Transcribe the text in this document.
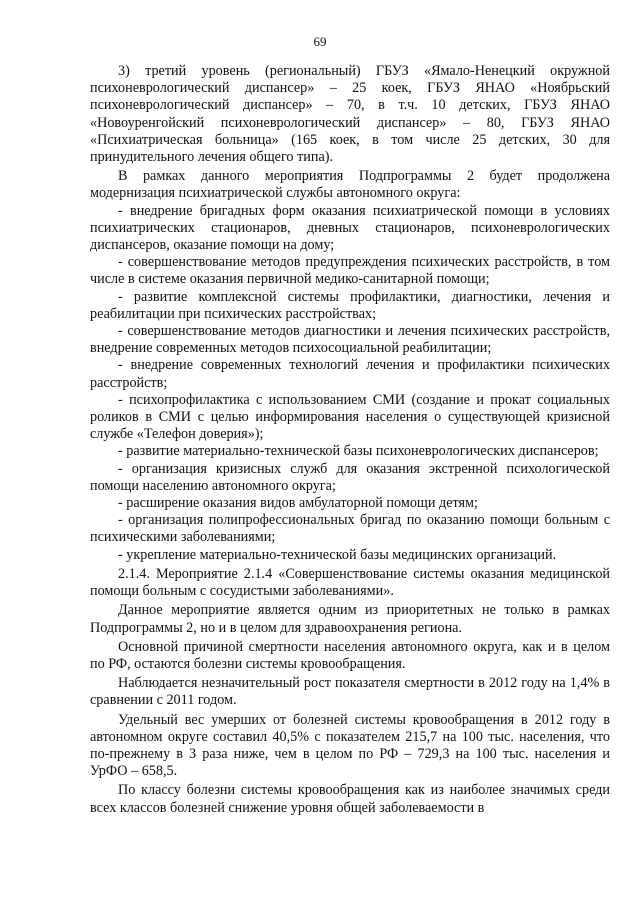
69

3) третий уровень (региональный) ГБУЗ «Ямало-Ненецкий окружной психоневрологический диспансер» – 25 коек, ГБУЗ ЯНАО «Ноябрьский психоневрологический диспансер» – 70, в т.ч. 10 детских, ГБУЗ ЯНАО «Новоуренгойский психоневрологический диспансер» – 80, ГБУЗ ЯНАО «Психиатрическая больница» (165 коек, в том числе 25 детских, 30 для принудительного лечения общего типа).

В рамках данного мероприятия Подпрограммы 2 будет продолжена модернизация психиатрической службы автономного округа:

- внедрение бригадных форм оказания психиатрической помощи в условиях психиатрических стационаров, дневных стационаров, психоневрологических диспансеров, оказание помощи на дому;

- совершенствование методов предупреждения психических расстройств, в том числе в системе оказания первичной медико-санитарной помощи;

- развитие комплексной системы профилактики, диагностики, лечения и реабилитации при психических расстройствах;

- совершенствование методов диагностики и лечения психических расстройств, внедрение современных методов психосоциальной реабилитации;

- внедрение современных технологий лечения и профилактики психических расстройств;

- психопрофилактика с использованием СМИ (создание и прокат социальных роликов в СМИ с целью информирования населения о существующей кризисной службе «Телефон доверия»);

- развитие материально-технической базы психоневрологических диспансеров;

- организация кризисных служб для оказания экстренной психологической помощи населению автономного округа;

- расширение оказания видов амбулаторной помощи детям;

- организация полипрофессиональных бригад по оказанию помощи больным с психическими заболеваниями;

- укрепление материально-технической базы медицинских организаций.

2.1.4. Мероприятие 2.1.4 «Совершенствование системы оказания медицинской помощи больным с сосудистыми заболеваниями».

Данное мероприятие является одним из приоритетных не только в рамках Подпрограммы 2, но и в целом для здравоохранения региона.

Основной причиной смертности населения автономного округа, как и в целом по РФ, остаются болезни системы кровообращения.

Наблюдается незначительный рост показателя смертности в 2012 году на 1,4% в сравнении с 2011 годом.

Удельный вес умерших от болезней системы кровообращения в 2012 году в автономном округе составил 40,5% с показателем 215,7 на 100 тыс. населения, что по-прежнему в 3 раза ниже, чем в целом по РФ – 729,3 на 100 тыс. населения и УрФО – 658,5.

По классу болезни системы кровообращения как из наиболее значимых среди всех классов болезней снижение уровня общей заболеваемости в
